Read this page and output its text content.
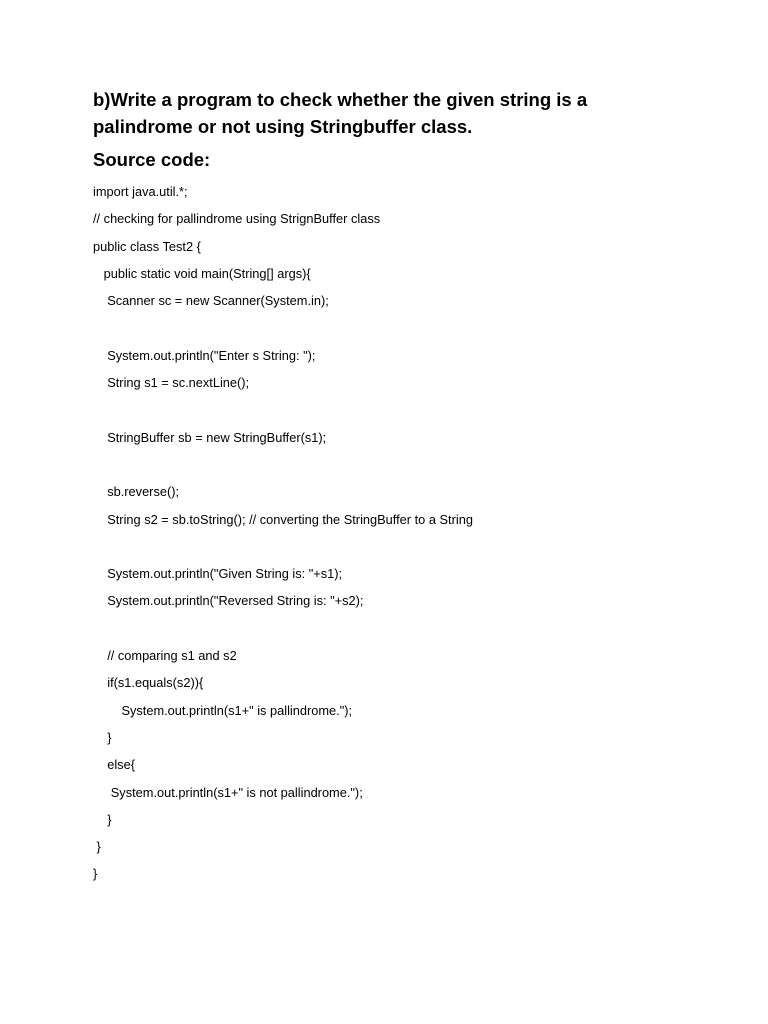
b)Write a program to check whether the given string is a palindrome or not using Stringbuffer class.

Source code:

import java.util.*;
// checking for pallindrome using StrignBuffer class
public class Test2 {
public static void main(String[] args){
Scanner sc = new Scanner(System.in);
System.out.println("Enter s String: ");
String s1 = sc.nextLine();
StringBuffer sb = new StringBuffer(s1);
sb.reverse();
String s2 = sb.toString(); // converting the StringBuffer to a String
System.out.println("Given String is: "+s1);
System.out.println("Reversed String is: "+s2);
// comparing s1 and s2
if(s1.equals(s2)){
System.out.println(s1+" is pallindrome.");
}
else{
System.out.println(s1+" is not pallindrome.");
}
}
}
